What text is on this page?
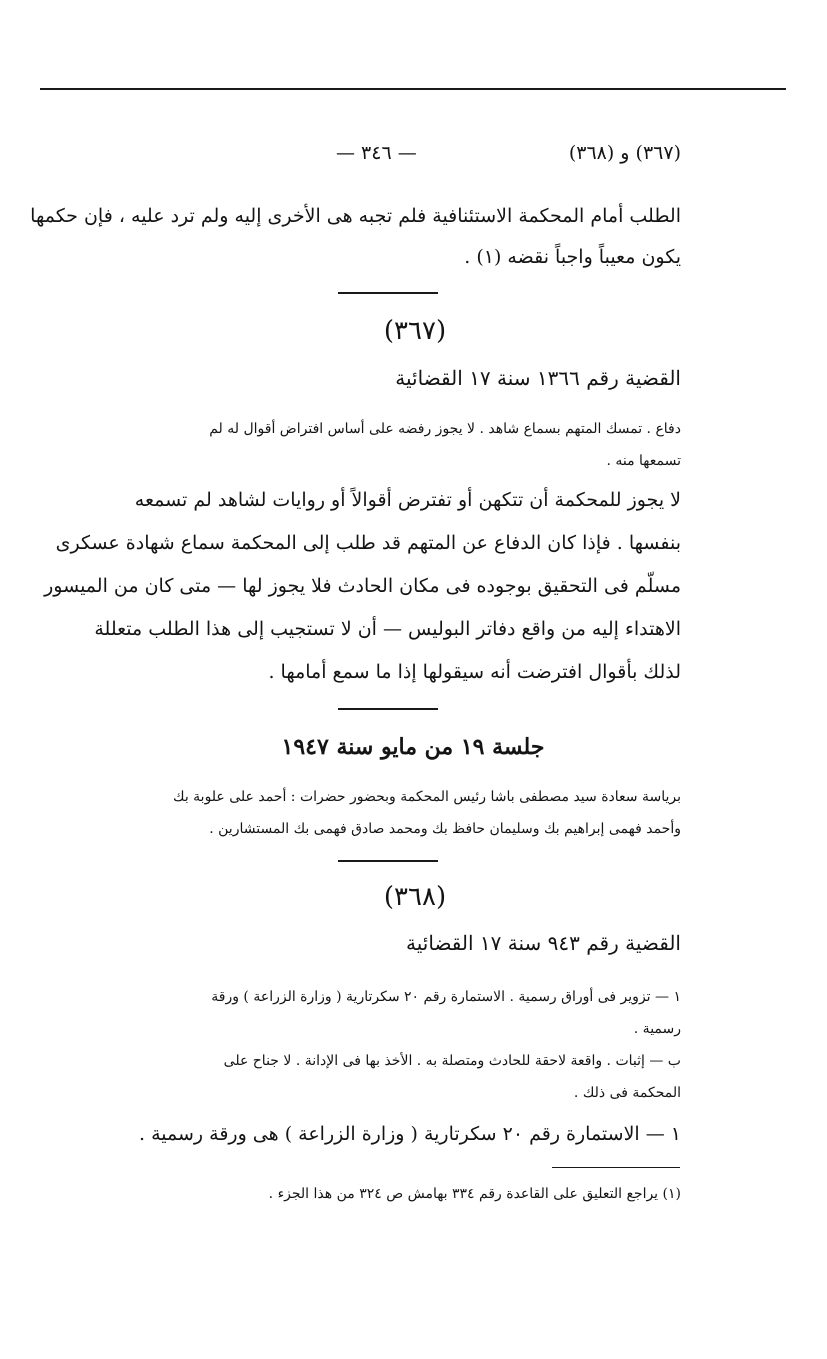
(٣٦٧) و (٣٦٨)
— ٣٤٦ —
الطلب أمام المحكمة الاستئنافية فلم تجبه هى الأخرى إليه ولم ترد عليه ، فإن حكمها
يكون معيباً واجباً نقضه (١) .
(٣٦٧)
القضية رقم ١٣٦٦ سنة ١٧ القضائية
دفاع . تمسك المتهم بسماع شاهد . لا يجوز رفضه على أساس افتراض أقوال له لم
تسمعها منه .
لا يجوز للمحكمة أن تتكهن أو تفترض أقوالاً أو روايات لشاهد لم تسمعه
بنفسها . فإذا كان الدفاع عن المتهم قد طلب إلى المحكمة سماع شهادة عسكرى
مسلّم فى التحقيق بوجوده فى مكان الحادث فلا يجوز لها — متى كان من الميسور
الاهتداء إليه من واقع دفاتر البوليس — أن لا تستجيب إلى هذا الطلب متعللة
لذلك بأقوال افترضت أنه سيقولها إذا ما سمع أمامها .
جلسة ١٩ من مايو سنة ١٩٤٧
برياسة سعادة سيد مصطفى باشا رئيس المحكمة وبحضور حضرات : أحمد على علوبة بك
وأحمد فهمى إبراهيم بك وسليمان حافظ بك ومحمد صادق فهمى بك المستشارين .
(٣٦٨)
القضية رقم ٩٤٣ سنة ١٧ القضائية
١ — تزوير فى أوراق رسمية . الاستمارة رقم ٢٠ سكرتارية ( وزارة الزراعة ) ورقة
رسمية .
ب — إثبات . واقعة لاحقة للحادث ومتصلة به . الأخذ بها فى الإدانة . لا جناح على
المحكمة فى ذلك .
١ — الاستمارة رقم ٢٠ سكرتارية ( وزارة الزراعة ) هى ورقة رسمية .
(١) يراجع التعليق على القاعدة رقم ٣٣٤ بهامش ص ٣٢٤ من هذا الجزء .
